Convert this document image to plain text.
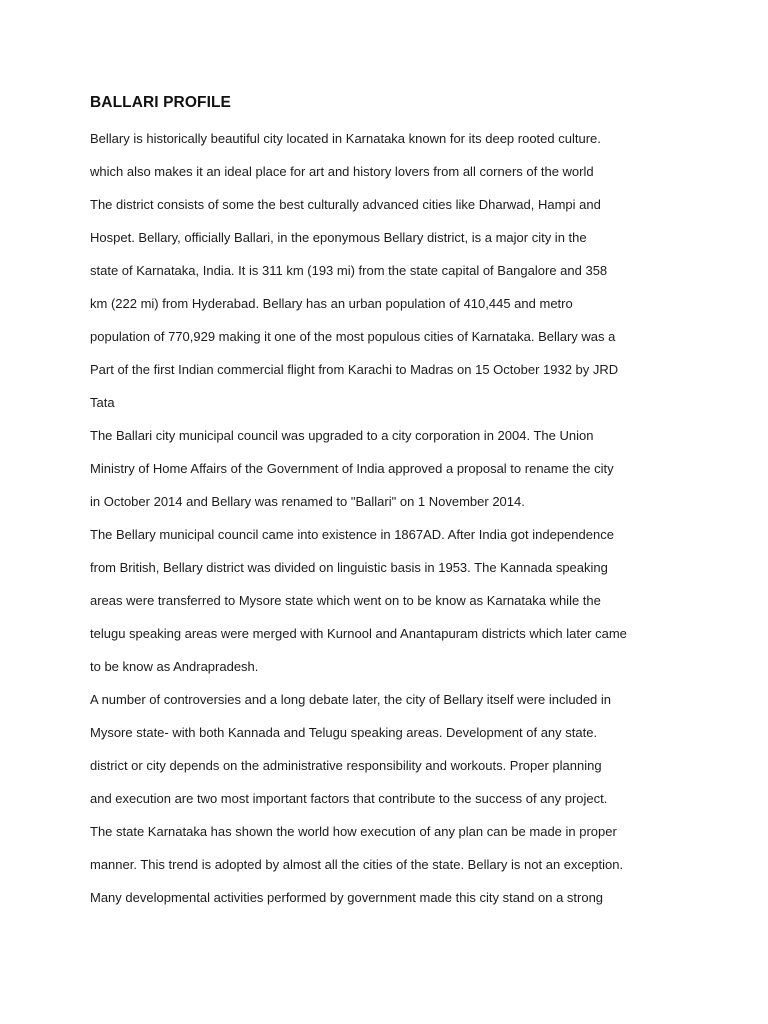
BALLARI PROFILE
Bellary is historically beautiful city located in Karnataka known for its deep rooted culture.
which also makes it an ideal place for art and history lovers from all corners of the world
The district consists of some the best culturally advanced cities like Dharwad, Hampi and
Hospet. Bellary, officially Ballari, in the eponymous Bellary district, is a major city in the
state of Karnataka, India. It is 311 km (193 mi) from the state capital of Bangalore and 358
km (222 mi) from Hyderabad. Bellary has an urban population of 410,445 and metro
population of 770,929 making it one of the most populous cities of Karnataka. Bellary was a
Part of the first Indian commercial flight from Karachi to Madras on 15 October 1932 by JRD
Tata
The Ballari city municipal council was upgraded to a city corporation in 2004. The Union
Ministry of Home Affairs of the Government of India approved a proposal to rename the city
in October 2014 and Bellary was renamed to "Ballari" on 1 November 2014.
The Bellary municipal council came into existence in 1867AD. After India got independence
from British, Bellary district was divided on linguistic basis in 1953. The Kannada speaking
areas were transferred to Mysore state which went on to be know as Karnataka while the
telugu speaking areas were merged with Kurnool and Anantapuram districts which later came
to be know as Andrapradesh.
A number of controversies and a long debate later, the city of Bellary itself were included in
Mysore state- with both Kannada and Telugu speaking areas. Development of any state.
district or city depends on the administrative responsibility and workouts. Proper planning
and execution are two most important factors that contribute to the success of any project.
The state Karnataka has shown the world how execution of any plan can be made in proper
manner. This trend is adopted by almost all the cities of the state. Bellary is not an exception.
Many developmental activities performed by government made this city stand on a strong
